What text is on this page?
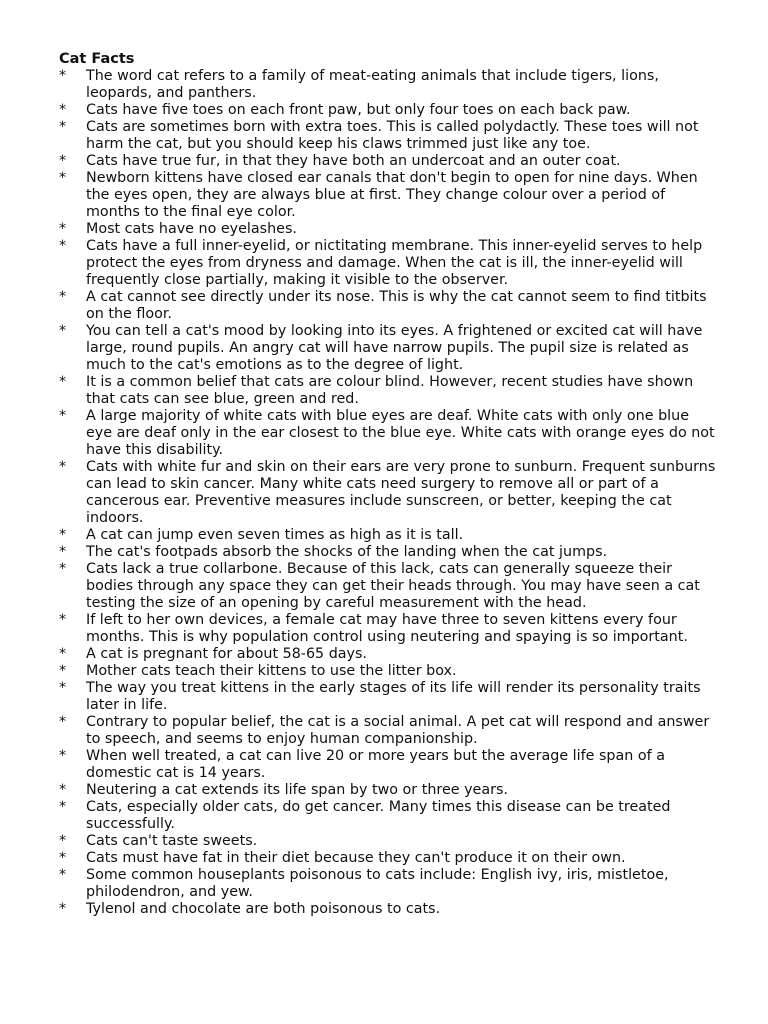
Cat Facts
*	The word cat refers to a family of meat-eating animals that include tigers, lions, leopards, and panthers.
*	Cats have five toes on each front paw, but only four toes on each back paw.
*	Cats are sometimes born with extra toes. This is called polydactly. These toes will not harm the cat, but you should keep his claws trimmed just like any toe.
*	Cats have true fur, in that they have both an undercoat and an outer coat.
*	Newborn kittens have closed ear canals that don't begin to open for nine days. When the eyes open, they are always blue at first. They change colour over a period of months to the final eye color.
*	Most cats have no eyelashes.
*	Cats have a full inner-eyelid, or nictitating membrane. This inner-eyelid serves to help protect the eyes from dryness and damage. When the cat is ill, the inner-eyelid will frequently close partially, making it visible to the observer.
*	A cat cannot see directly under its nose. This is why the cat cannot seem to find titbits on the floor.
*	You can tell a cat's mood by looking into its eyes. A frightened or excited cat will have large, round pupils. An angry cat will have narrow pupils. The pupil size is related as much to the cat's emotions as to the degree of light.
*	It is a common belief that cats are colour blind. However, recent studies have shown that cats can see blue, green and red.
*	A large majority of white cats with blue eyes are deaf. White cats with only one blue eye are deaf only in the ear closest to the blue eye. White cats with orange eyes do not have this disability.
*	Cats with white fur and skin on their ears are very prone to sunburn. Frequent sunburns can lead to skin cancer. Many white cats need surgery to remove all or part of a cancerous ear. Preventive measures include sunscreen, or better, keeping the cat indoors.
*	A cat can jump even seven times as high as it is tall.
*	The cat's footpads absorb the shocks of the landing when the cat jumps.
*	Cats lack a true collarbone. Because of this lack, cats can generally squeeze their bodies through any space they can get their heads through. You may have seen a cat testing the size of an opening by careful measurement with the head.
*	If left to her own devices, a female cat may have three to seven kittens every four months. This is why population control using neutering and spaying is so important.
*	A cat is pregnant for about 58-65 days.
*	Mother cats teach their kittens to use the litter box.
*	The way you treat kittens in the early stages of its life will render its personality traits later in life.
*	Contrary to popular belief, the cat is a social animal. A pet cat will respond and answer to speech, and seems to enjoy human companionship.
*	When well treated, a cat can live 20 or more years but the average life span of a domestic cat is 14 years.
*	Neutering a cat extends its life span by two or three years.
*	Cats, especially older cats, do get cancer. Many times this disease can be treated successfully.
*	Cats can't taste sweets.
*	Cats must have fat in their diet because they can't produce it on their own.
*	Some common houseplants poisonous to cats include: English ivy, iris, mistletoe, philodendron, and yew.
*	Tylenol and chocolate are both poisonous to cats.
